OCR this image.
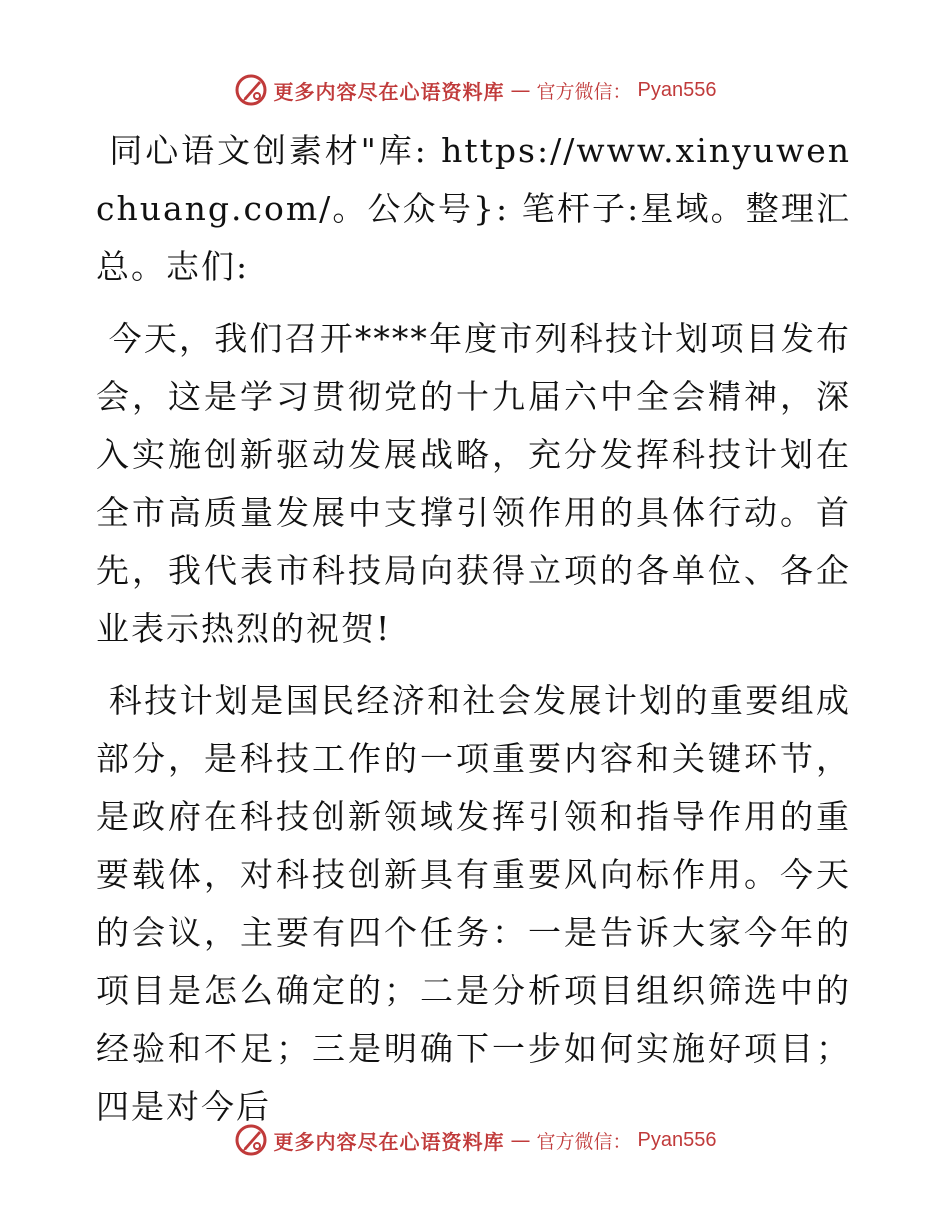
更多内容尽在心语资料库 — 官方微信： Pyan556

同心语文创素材"库: https://www.xinyuwenchuang.com/。公众号}: 笔杆子:星域。整理汇总。志们:

今天，我们召开****年度市列科技计划项目发布会，这是学习贯彻党的十九届六中全会精神，深入实施创新驱动发展战略，充分发挥科技计划在全市高质量发展中支撑引领作用的具体行动。首先，我代表市科技局向获得立项的各单位、各企业表示热烈的祝贺!

科技计划是国民经济和社会发展计划的重要组成部分，是科技工作的一项重要内容和关键环节，是政府在科技创新领域发挥引领和指导作用的重要载体，对科技创新具有重要风向标作用。今天的会议，主要有四个任务：一是告诉大家今年的项目是怎么确定的；二是分析项目组织筛选中的经验和不足；三是明确下一步如何实施好项目；四是对今后

更多内容尽在心语资料库 — 官方微信： Pyan556
